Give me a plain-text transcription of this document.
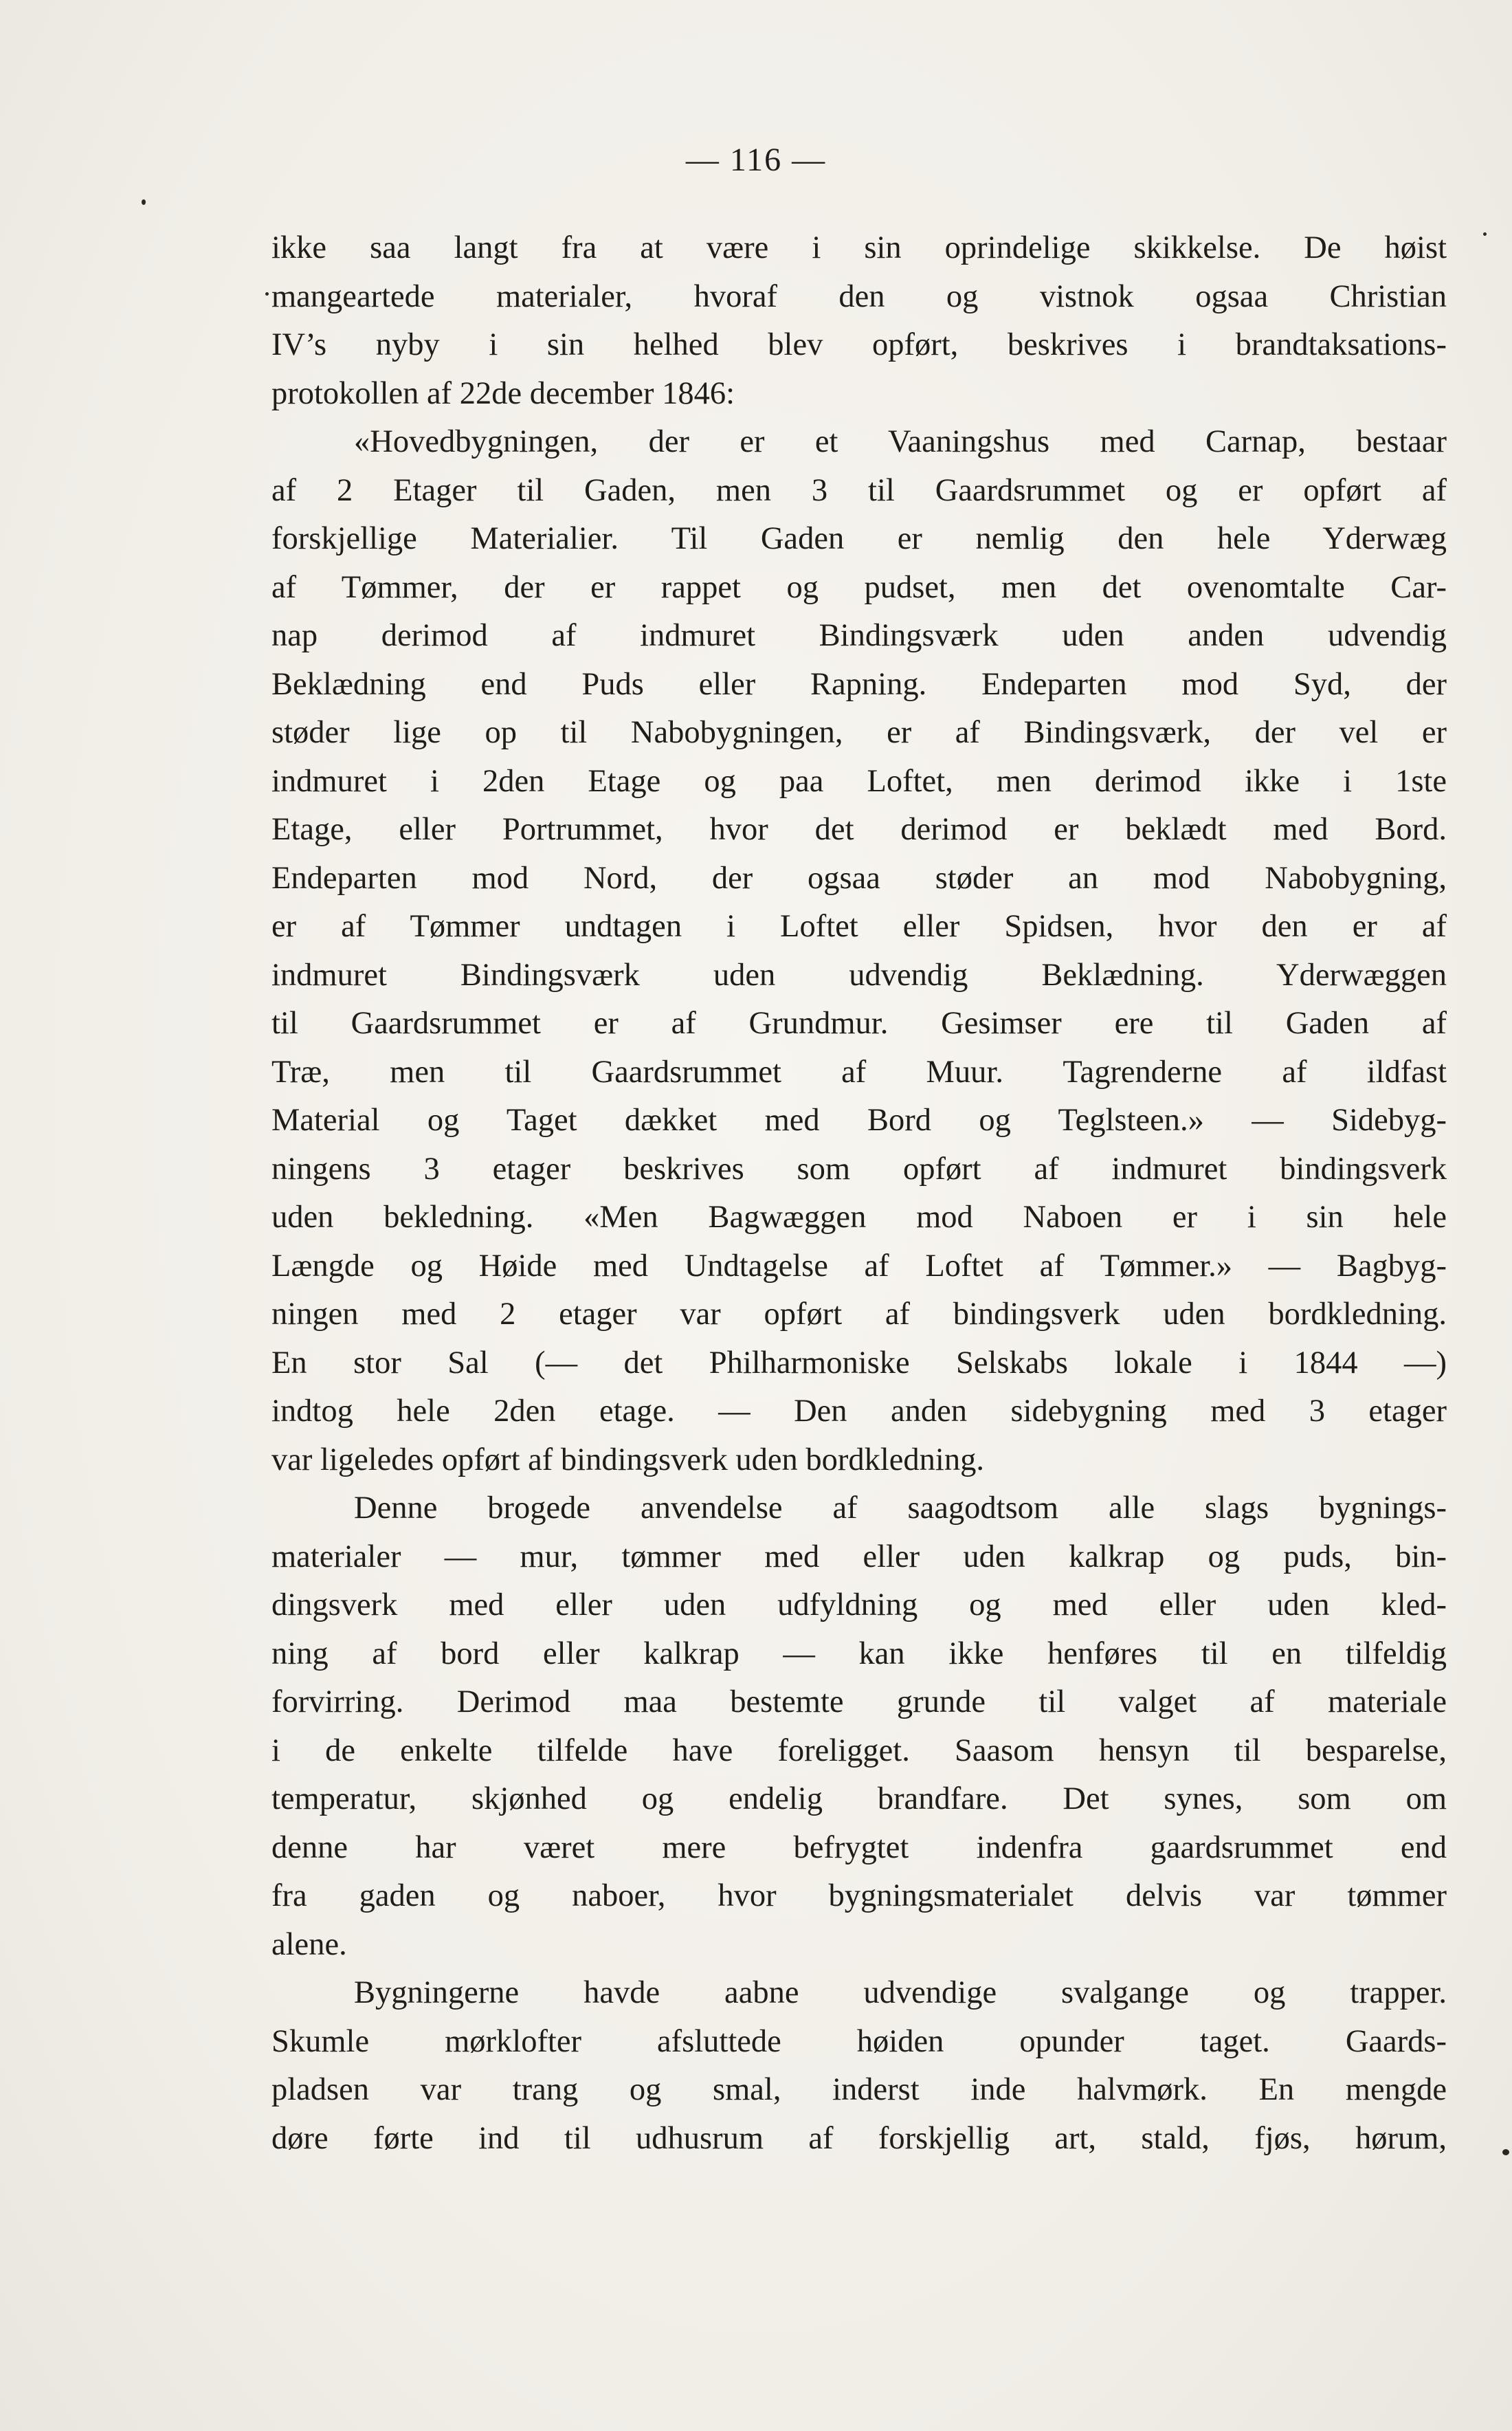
— 116 —
ikke saa langt fra at være i sin oprindelige skikkelse. De høist
mangeartede materialer, hvoraf den og vistnok ogsaa Christian
IV’s nyby i sin helhed blev opført, beskrives i brandtaksations-
protokollen af 22de december 1846:
«Hovedbygningen, der er et Vaaningshus med Carnap, bestaar
af 2 Etager til Gaden, men 3 til Gaardsrummet og er opført af
forskjellige Materialier. Til Gaden er nemlig den hele Yderwæg
af Tømmer, der er rappet og pudset, men det ovenomtalte Car-
nap derimod af indmuret Bindingsværk uden anden udvendig
Beklædning end Puds eller Rapning. Endeparten mod Syd, der
støder lige op til Nabobygningen, er af Bindingsværk, der vel er
indmuret i 2den Etage og paa Loftet, men derimod ikke i 1ste
Etage, eller Portrummet, hvor det derimod er beklædt med Bord.
Endeparten mod Nord, der ogsaa støder an mod Nabobygning,
er af Tømmer undtagen i Loftet eller Spidsen, hvor den er af
indmuret Bindingsværk uden udvendig Beklædning. Yderwæggen
til Gaardsrummet er af Grundmur. Gesimser ere til Gaden af
Træ, men til Gaardsrummet af Muur. Tagrenderne af ildfast
Material og Taget dækket med Bord og Teglsteen.» — Sidebyg-
ningens 3 etager beskrives som opført af indmuret bindingsverk
uden bekledning. «Men Bagwæggen mod Naboen er i sin hele
Længde og Høide med Undtagelse af Loftet af Tømmer.» — Bagbyg-
ningen med 2 etager var opført af bindingsverk uden bordkledning.
En stor Sal (— det Philharmoniske Selskabs lokale i 1844 —)
indtog hele 2den etage. — Den anden sidebygning med 3 etager
var ligeledes opført af bindingsverk uden bordkledning.
Denne brogede anvendelse af saagodtsom alle slags bygnings-
materialer — mur, tømmer med eller uden kalkrap og puds, bin-
dingsverk med eller uden udfyldning og med eller uden kled-
ning af bord eller kalkrap — kan ikke henføres til en tilfeldig
forvirring. Derimod maa bestemte grunde til valget af materiale
i de enkelte tilfelde have foreligget. Saasom hensyn til besparelse,
temperatur, skjønhed og endelig brandfare. Det synes, som om
denne har været mere befrygtet indenfra gaardsrummet end
fra gaden og naboer, hvor bygningsmaterialet delvis var tømmer
alene.
Bygningerne havde aabne udvendige svalgange og trapper.
Skumle mørklofter afsluttede høiden opunder taget. Gaards-
pladsen var trang og smal, inderst inde halvmørk. En mengde
døre førte ind til udhusrum af forskjellig art, stald, fjøs, hørum,
